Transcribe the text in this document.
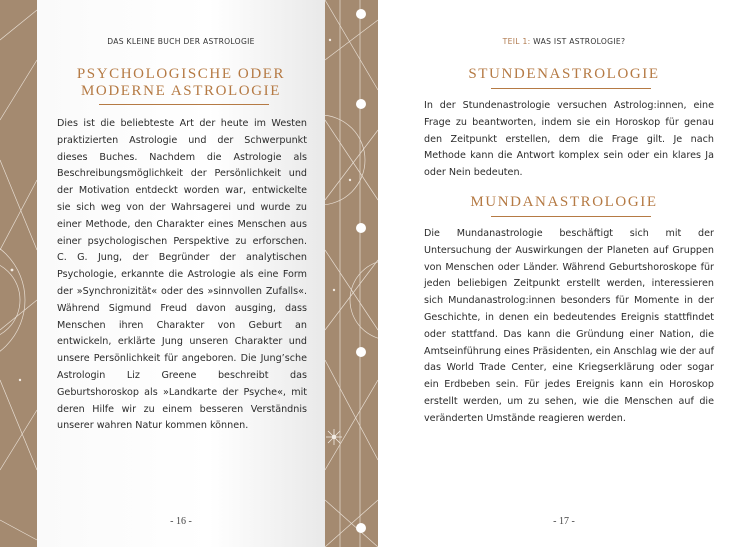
DAS KLEINE BUCH DER ASTROLOGIE
PSYCHOLOGISCHE ODER
MODERNE ASTROLOGIE
Dies ist die beliebteste Art der heute im Westen praktizierten Astrologie und der Schwerpunkt dieses Buches. Nachdem die Astrologie als Beschreibungsmöglichkeit der Persönlichkeit und der Motivation entdeckt worden war, entwickelte sie sich weg von der Wahrsagerei und wurde zu einer Methode, den Charakter eines Menschen aus einer psychologischen Perspektive zu erforschen. C. G. Jung, der Begründer der analytischen Psychologie, erkannte die Astrologie als eine Form der »Synchronizität« oder des »sinnvollen Zufalls«. Während Sigmund Freud davon ausging, dass Menschen ihren Charakter von Geburt an entwickeln, erklärte Jung unseren Charakter und unsere Persönlichkeit für angeboren. Die Jung’sche Astrologin Liz Greene beschreibt das Geburtshoroskop als »Landkarte der Psyche«, mit deren Hilfe wir zu einem besseren Verständnis unserer wahren Natur kommen können.
- 16 -
TEIL 1: WAS IST ASTROLOGIE?
STUNDENASTROLOGIE
In der Stundenastrologie versuchen Astrolog:innen, eine Frage zu beantworten, indem sie ein Horoskop für genau den Zeitpunkt erstellen, dem die Frage gilt. Je nach Methode kann die Antwort komplex sein oder ein klares Ja oder Nein bedeuten.
MUNDANASTROLOGIE
Die Mundanastrologie beschäftigt sich mit der Untersuchung der Auswirkungen der Planeten auf Gruppen von Menschen oder Länder. Während Geburtshoroskope für jeden beliebigen Zeitpunkt erstellt werden, interessieren sich Mundanastrolog:innen besonders für Momente in der Geschichte, in denen ein bedeutendes Ereignis stattfindet oder stattfand. Das kann die Gründung einer Nation, die Amtseinführung eines Präsidenten, ein Anschlag wie der auf das World Trade Center, eine Kriegserklärung oder sogar ein Erdbeben sein. Für jedes Ereignis kann ein Horoskop erstellt werden, um zu sehen, wie die Menschen auf die veränderten Umstände reagieren werden.
- 17 -
